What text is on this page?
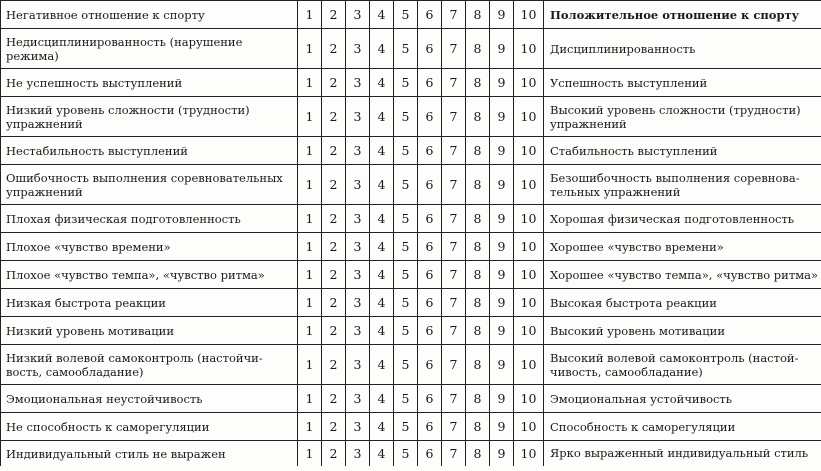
Негативное отношение к спорту	1	2	3	4	5	6	7	8	9	10	Положительное отношение к спорту

Недисциплинированность (нарушение режима)	1	2	3	4	5	6	7	8	9	10	Дисциплинированность

Не успешность выступлений	1	2	3	4	5	6	7	8	9	10	Успешность выступлений

Низкий уровень сложности (трудности) упражнений	1	2	3	4	5	6	7	8	9	10	Высокий уровень сложности (трудности) упражнений

Нестабильность выступлений	1	2	3	4	5	6	7	8	9	10	Стабильность выступлений

Ошибочность выполнения соревновательных упражнений	1	2	3	4	5	6	7	8	9	10	Безошибочность выполнения соревнова-тельных упражнений

Плохая физическая подготовленность	1	2	3	4	5	6	7	8	9	10	Хорошая физическая подготовленность

Плохое «чувство времени»	1	2	3	4	5	6	7	8	9	10	Хорошее «чувство времени»

Плохое «чувство темпа», «чувство ритма»	1	2	3	4	5	6	7	8	9	10	Хорошее «чувство темпа», «чувство ритма»

Низкая быстрота реакции	1	2	3	4	5	6	7	8	9	10	Высокая быстрота реакции

Низкий уровень мотивации	1	2	3	4	5	6	7	8	9	10	Высокий уровень мотивации

Низкий волевой самоконтроль (настойчи-вость, самообладание)	1	2	3	4	5	6	7	8	9	10	Высокий волевой самоконтроль (настой-чивость, самообладание)

Эмоциональная неустойчивость	1	2	3	4	5	6	7	8	9	10	Эмоциональная устойчивость

Не способность к саморегуляции	1	2	3	4	5	6	7	8	9	10	Способность к саморегуляции

Индивидуальный стиль не выражен	1	2	3	4	5	6	7	8	9	10	Ярко выраженный индивидуальный стиль
